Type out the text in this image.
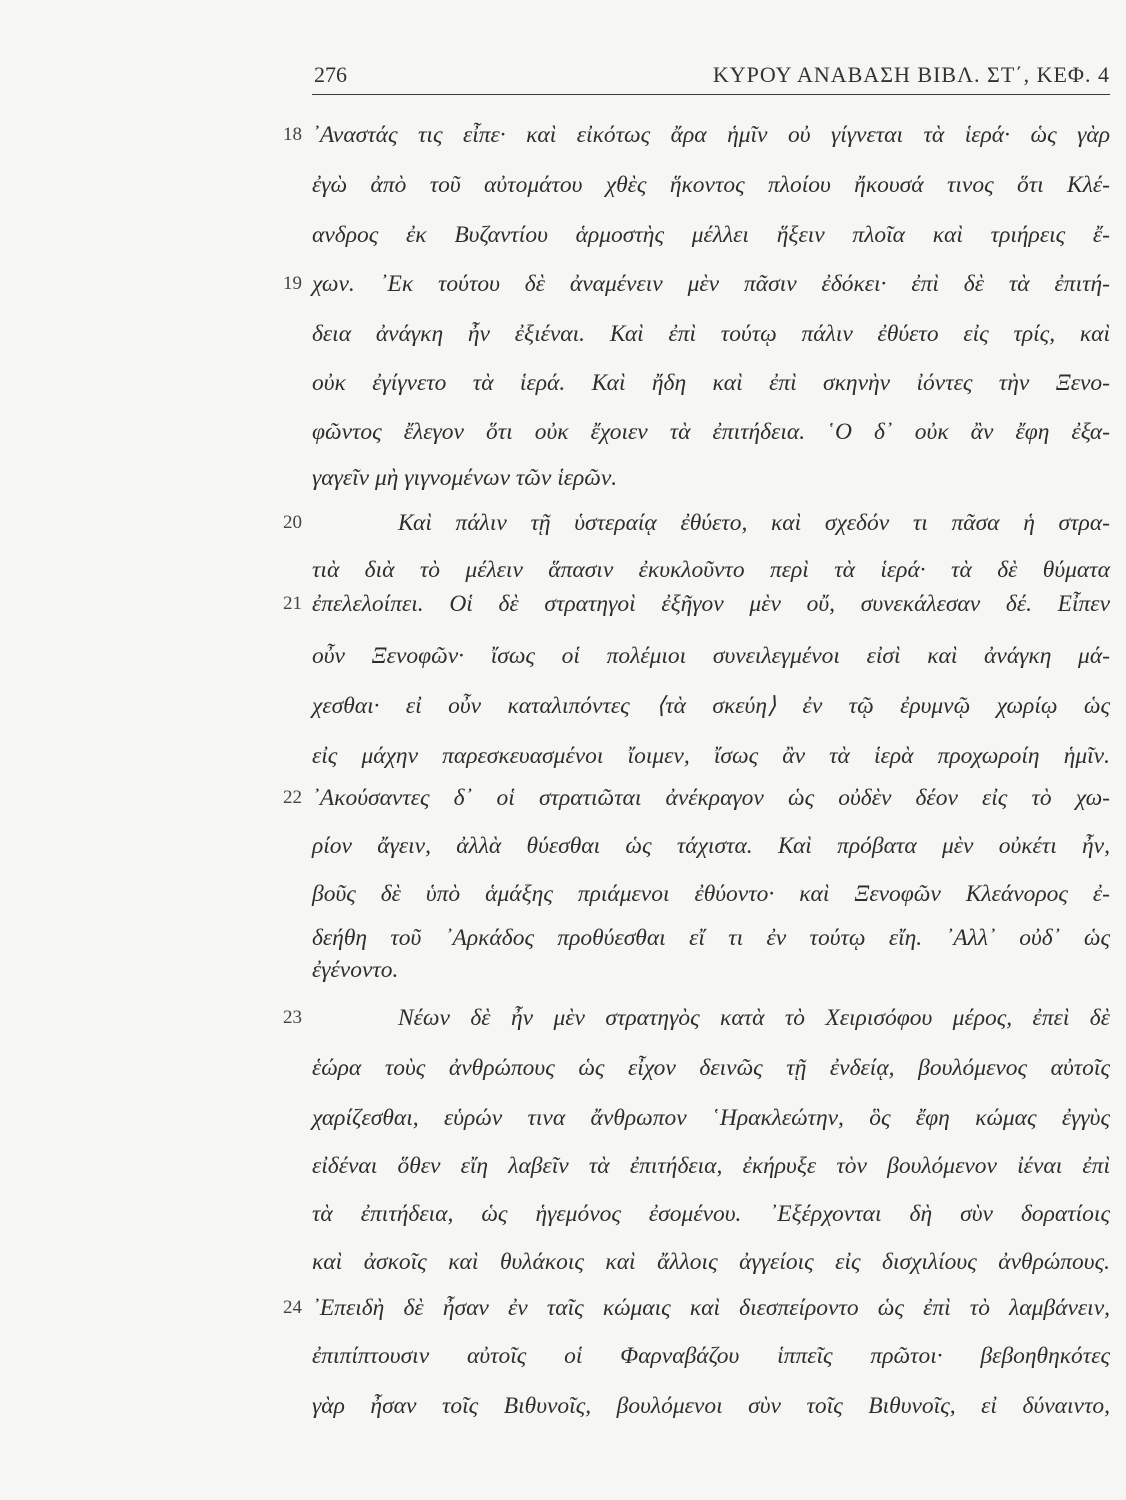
276	ΚΥΡΟΥ ΑΝΑΒΑΣΗ ΒΙΒΛ. ΣΤ΄, ΚΕΦ. 4
18
19
20
21
22
23
24
᾿Αναστάς τις εἶπε· καὶ εἰκότως ἄρα ἡμῖν οὐ γίγνεται τὰ ἱερά· ὡς γὰρ
ἐγὼ ἀπὸ τοῦ αὐτομάτου χθὲς ἥκοντος πλοίου ἤκουσά τινος ὅτι Κλέ-
ανδρος ἐκ Βυζαντίου ἁρμοστὴς μέλλει ἥξειν πλοῖα καὶ τριήρεις ἔ-
χων. ᾿Εκ τούτου δὲ ἀναμένειν μὲν πᾶσιν ἐδόκει· ἐπὶ δὲ τὰ ἐπιτή-
δεια ἀνάγκη ἦν ἐξιέναι. Καὶ ἐπὶ τούτῳ πάλιν ἐθύετο εἰς τρίς, καὶ
οὐκ ἐγίγνετο τὰ ἱερά. Καὶ ἤδη καὶ ἐπὶ σκηνὴν ἰόντες τὴν Ξενο-
φῶντος ἔλεγον ὅτι οὐκ ἔχοιεν τὰ ἐπιτήδεια. ῾Ο δ᾿ οὐκ ἂν ἔφη ἐξα-
γαγεῖν μὴ γιγνομένων τῶν ἱερῶν.
Καὶ πάλιν τῇ ὑστεραίᾳ ἐθύετο, καὶ σχεδόν τι πᾶσα ἡ στρα-
τιὰ διὰ τὸ μέλειν ἅπασιν ἐκυκλοῦντο περὶ τὰ ἱερά· τὰ δὲ θύματα
ἐπελελοίπει. Οἱ δὲ στρατηγοὶ ἐξῆγον μὲν οὔ, συνεκάλεσαν δέ. Εἶπεν
οὖν Ξενοφῶν· ἴσως οἱ πολέμιοι συνειλεγμένοι εἰσὶ καὶ ἀνάγκη μά-
χεσθαι· εἰ οὖν καταλιπόντες ⟨τὰ σκεύη⟩ ἐν τῷ ἐρυμνῷ χωρίῳ ὡς
εἰς μάχην παρεσκευασμένοι ἴοιμεν, ἴσως ἂν τὰ ἱερὰ προχωροίη ἡμῖν.
᾿Ακούσαντες δ᾿ οἱ στρατιῶται ἀνέκραγον ὡς οὐδὲν δέον εἰς τὸ χω-
ρίον ἄγειν, ἀλλὰ θύεσθαι ὡς τάχιστα. Καὶ πρόβατα μὲν οὐκέτι ἦν,
βοῦς δὲ ὑπὸ ἁμάξης πριάμενοι ἐθύοντο· καὶ Ξενοφῶν Κλεάνορος ἐ-
δεήθη τοῦ ᾿Αρκάδος προθύεσθαι εἴ τι ἐν τούτῳ εἴη. ᾿Αλλ᾿ οὐδ᾿ ὡς
ἐγένοντο.
Νέων δὲ ἦν μὲν στρατηγὸς κατὰ τὸ Χειρισόφου μέρος, ἐπεὶ δὲ
ἑώρα τοὺς ἀνθρώπους ὡς εἶχον δεινῶς τῇ ἐνδείᾳ, βουλόμενος αὐτοῖς
χαρίζεσθαι, εὑρών τινα ἄνθρωπον ῾Ηρακλεώτην, ὃς ἔφη κώμας ἐγγὺς
εἰδέναι ὅθεν εἴη λαβεῖν τὰ ἐπιτήδεια, ἐκήρυξε τὸν βουλόμενον ἰέναι ἐπὶ
τὰ ἐπιτήδεια, ὡς ἡγεμόνος ἐσομένου. ᾿Εξέρχονται δὴ σὺν δορατίοις
καὶ ἀσκοῖς καὶ θυλάκοις καὶ ἄλλοις ἀγγείοις εἰς δισχιλίους ἀνθρώπους.
᾿Επειδὴ δὲ ἦσαν ἐν ταῖς κώμαις καὶ διεσπείροντο ὡς ἐπὶ τὸ λαμβάνειν,
ἐπιπίπτουσιν αὐτοῖς οἱ Φαρναβάζου ἱππεῖς πρῶτοι· βεβοηθηκότες
γὰρ ἦσαν τοῖς Βιθυνοῖς, βουλόμενοι σὺν τοῖς Βιθυνοῖς, εἰ δύναιντο,
